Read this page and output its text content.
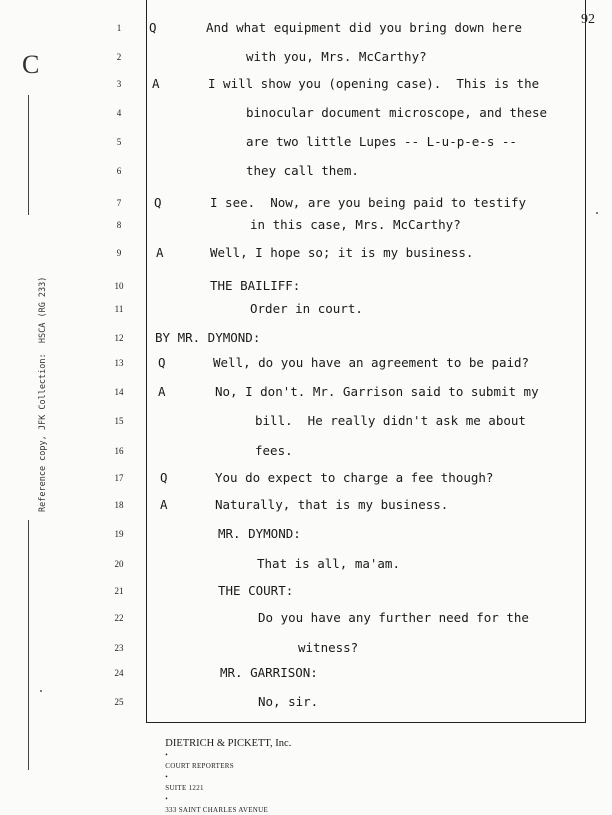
C
Reference copy, JFK Collection:  HSCA (RG 233)
92
1	Q	And what equipment did you bring down here
2	with you, Mrs. McCarthy?
3	A	I will show you (opening case).  This is the
4	binocular document microscope, and these
5	are two little Lupes -- L-u-p-e-s --
6	they call them.
7	Q	I see.  Now, are you being paid to testify
8	in this case, Mrs. McCarthy?
9	A	Well, I hope so; it is my business.
10	THE BAILIFF:
11	Order in court.
12	BY MR. DYMOND:
13	Q	Well, do you have an agreement to be paid?
14	A	No, I don't. Mr. Garrison said to submit my
15	bill.  He really didn't ask me about
16	fees.
17	Q	You do expect to charge a fee though?
18	A	Naturally, that is my business.
19	MR. DYMOND:
20	That is all, ma'am.
21	THE COURT:
22	Do you have any further need for the
23	witness?
24	MR. GARRISON:
25	No, sir.

DIETRICH & PICKETT, Inc.
•
COURT REPORTERS
•
SUITE 1221
•
333 SAINT CHARLES AVENUE
